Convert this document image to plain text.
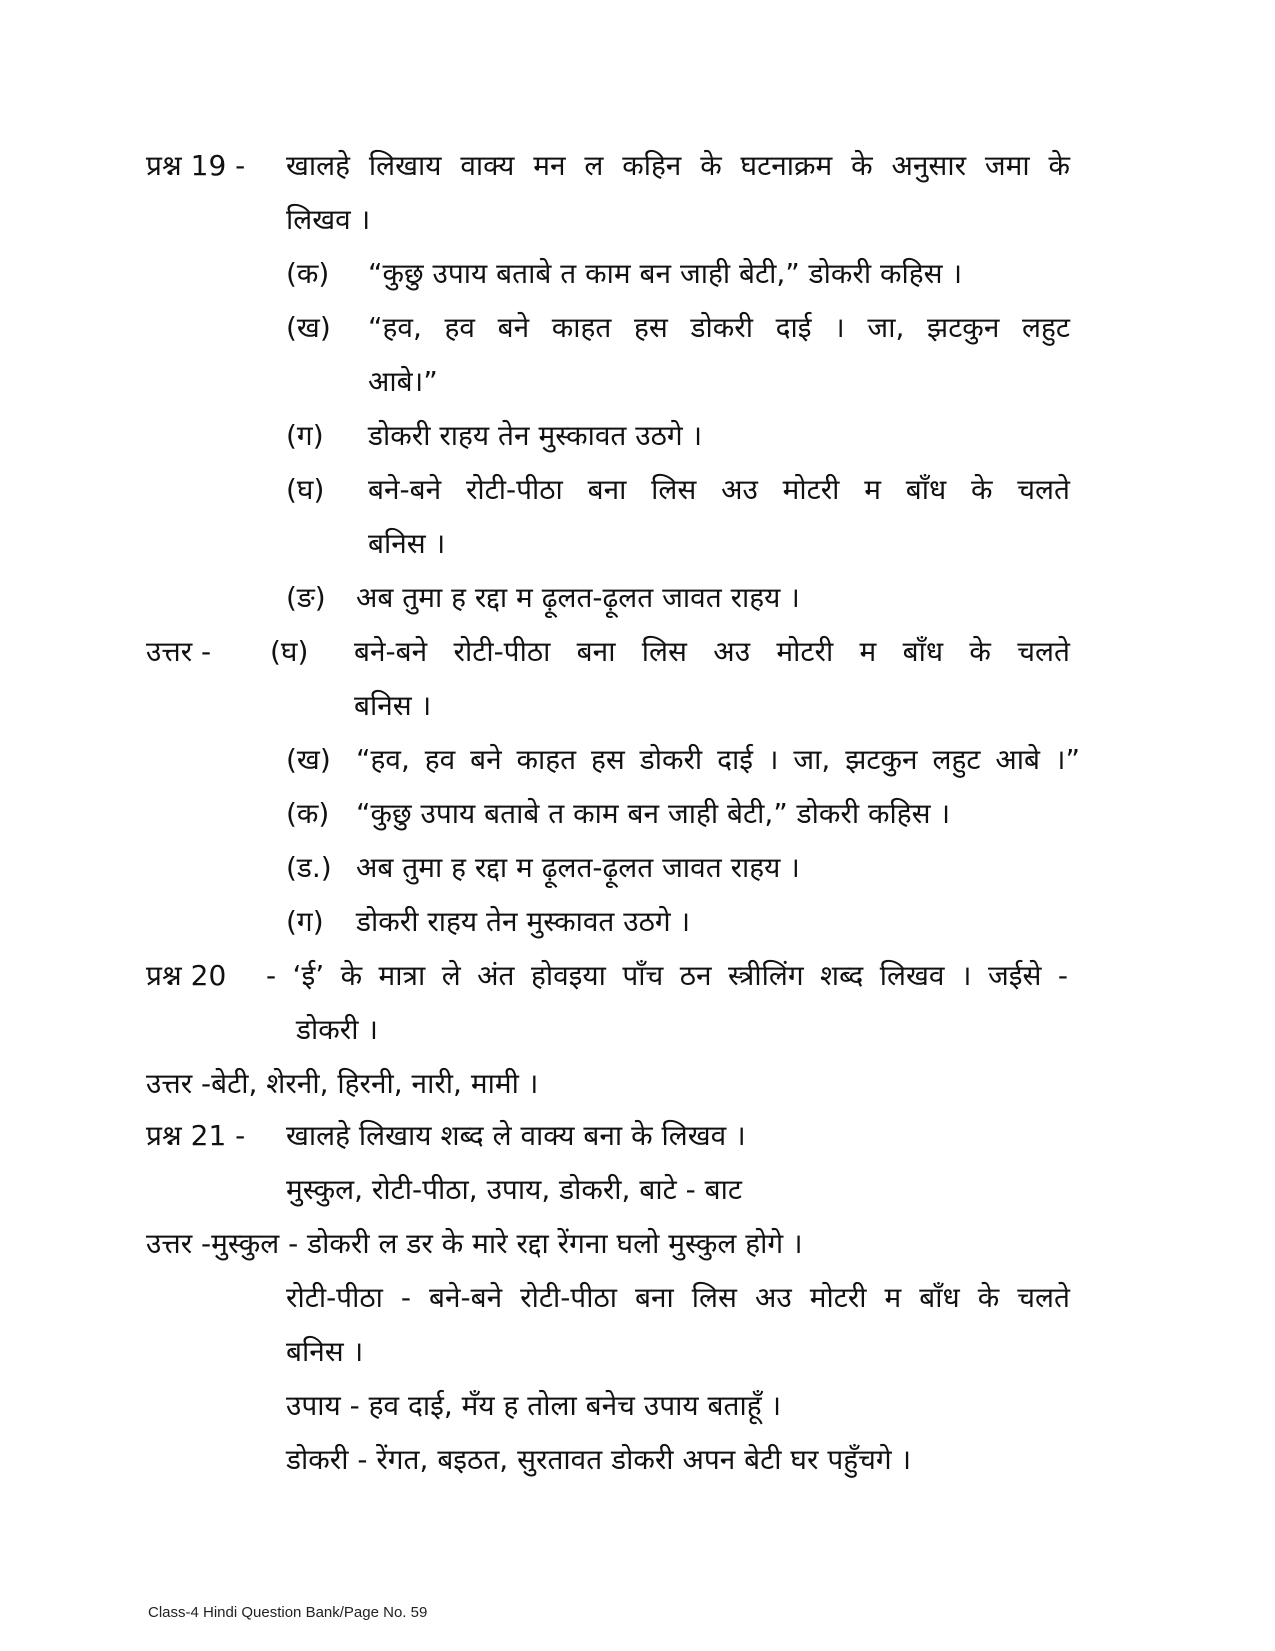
प्रश्न 19 - खालहे लिखाय वाक्य मन ल कहिन के घटनाक्रम के अनुसार जमा के
लिखव ।
(क) “कुछु उपाय बताबे त काम बन जाही बेटी,” डोकरी कहिस ।
(ख) “हव, हव बने काहत हस डोकरी दाई । जा, झटकुन लहुट
आबे।”
(ग) डोकरी राहय तेन मुस्कावत उठगे ।
(घ) बने-बने रोटी-पीठा बना लिस अउ मोटरी म बाँध के चलते
बनिस ।
(ङ) अब तुमा ह रद्दा म ढ़ूलत-ढ़ूलत जावत राहय ।
उत्तर - (घ) बने-बने रोटी-पीठा बना लिस अउ मोटरी म बाँध के चलते
बनिस ।
(ख) “हव, हव बने काहत हस डोकरी दाई । जा, झटकुन लहुट आबे ।”
(क) “कुछु उपाय बताबे त काम बन जाही बेटी,” डोकरी कहिस ।
(ड.) अब तुमा ह रद्दा म ढ़ूलत-ढ़ूलत जावत राहय ।
(ग) डोकरी राहय तेन मुस्कावत उठगे ।
प्रश्न 20 - ‘ई’ के मात्रा ले अंत होवइया पाँच ठन स्त्रीलिंग शब्द लिखव । जईसे -
डोकरी ।
उत्तर -बेटी, शेरनी, हिरनी, नारी, मामी ।
प्रश्न 21 - खालहे लिखाय शब्द ले वाक्य बना के लिखव ।
मुस्कुल, रोटी-पीठा, उपाय, डोकरी, बाटे - बाट
उत्तर -मुस्कुल - डोकरी ल डर के मारे रद्दा रेंगना घलो मुस्कुल होगे ।
रोटी-पीठा - बने-बने रोटी-पीठा बना लिस अउ मोटरी म बाँध के चलते
बनिस ।
उपाय - हव दाई, मँय ह तोला बनेच उपाय बताहूँ ।
डोकरी - रेंगत, बइठत, सुरतावत डोकरी अपन बेटी घर पहुँचगे ।
Class-4 Hindi Question Bank/Page No. 59
